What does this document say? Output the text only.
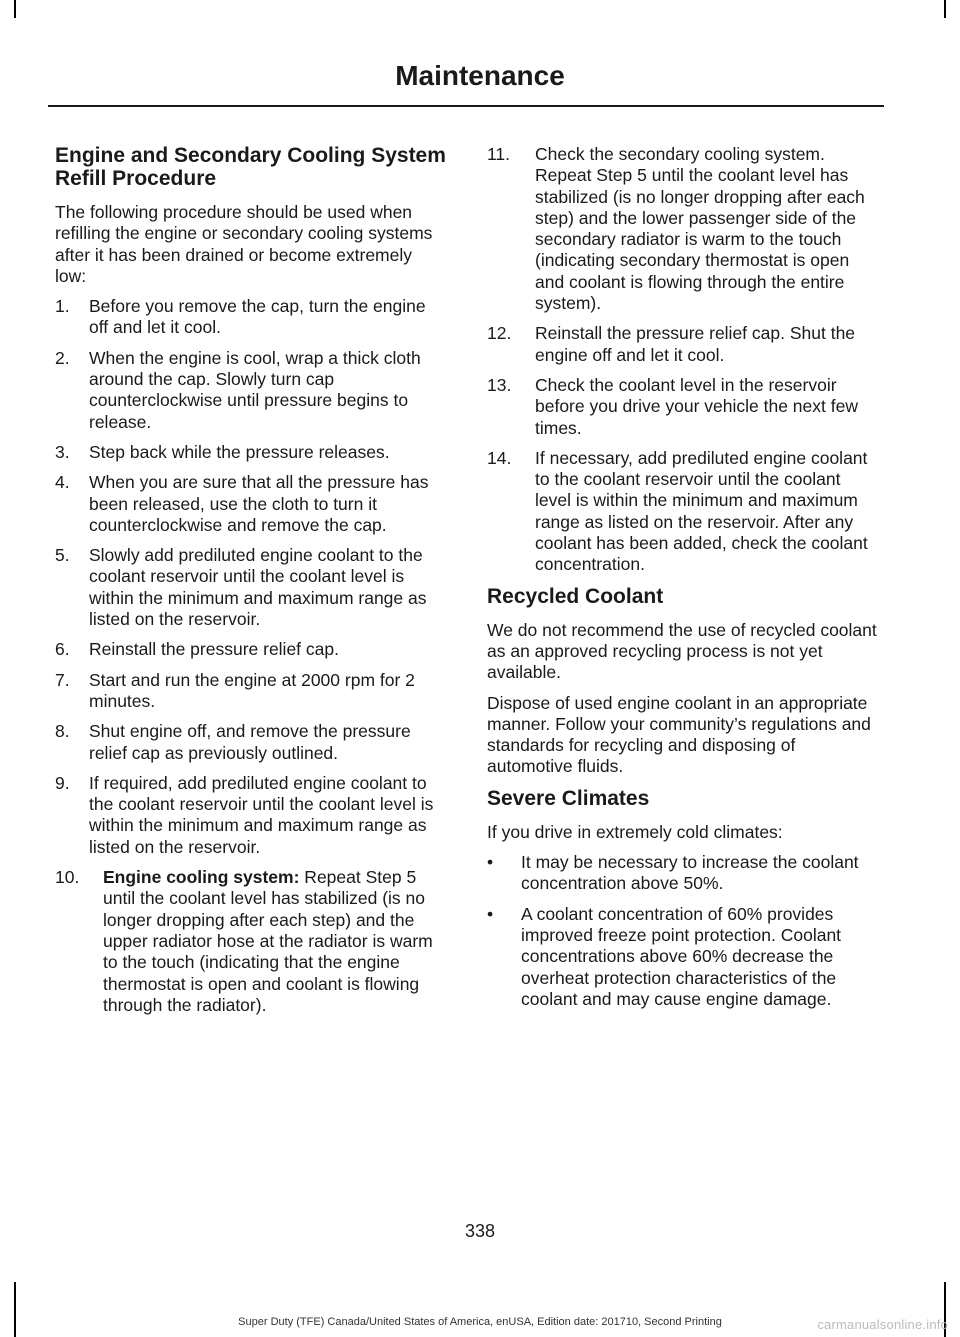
Maintenance
Engine and Secondary Cooling System Refill Procedure

The following procedure should be used when refilling the engine or secondary cooling systems after it has been drained or become extremely low:

1.	Before you remove the cap, turn the engine off and let it cool.
2.	When the engine is cool, wrap a thick cloth around the cap. Slowly turn cap counterclockwise until pressure begins to release.
3.	Step back while the pressure releases.
4.	When you are sure that all the pressure has been released, use the cloth to turn it counterclockwise and remove the cap.
5.	Slowly add prediluted engine coolant to the coolant reservoir until the coolant level is within the minimum and maximum range as listed on the reservoir.
6.	Reinstall the pressure relief cap.
7.	Start and run the engine at 2000 rpm for 2 minutes.
8.	Shut engine off, and remove the pressure relief cap as previously outlined.
9.	If required, add prediluted engine coolant to the coolant reservoir until the coolant level is within the minimum and maximum range as listed on the reservoir.
10.	Engine cooling system: Repeat Step 5 until the coolant level has stabilized (is no longer dropping after each step) and the upper radiator hose at the radiator is warm to the touch (indicating that the engine thermostat is open and coolant is flowing through the radiator).
11.	Check the secondary cooling system. Repeat Step 5 until the coolant level has stabilized (is no longer dropping after each step) and the lower passenger side of the secondary radiator is warm to the touch (indicating secondary thermostat is open and coolant is flowing through the entire system).
12.	Reinstall the pressure relief cap. Shut the engine off and let it cool.
13.	Check the coolant level in the reservoir before you drive your vehicle the next few times.
14.	If necessary, add prediluted engine coolant to the coolant reservoir until the coolant level is within the minimum and maximum range as listed on the reservoir. After any coolant has been added, check the coolant concentration.
Recycled Coolant

We do not recommend the use of recycled coolant as an approved recycling process is not yet available.

Dispose of used engine coolant in an appropriate manner. Follow your community’s regulations and standards for recycling and disposing of automotive fluids.

Severe Climates

If you drive in extremely cold climates:

•	It may be necessary to increase the coolant concentration above 50%.
•	A coolant concentration of 60% provides improved freeze point protection. Coolant concentrations above 60% decrease the overheat protection characteristics of the coolant and may cause engine damage.
338
Super Duty (TFE) Canada/United States of America, enUSA, Edition date: 201710, Second Printing	carmanualsonline.info
